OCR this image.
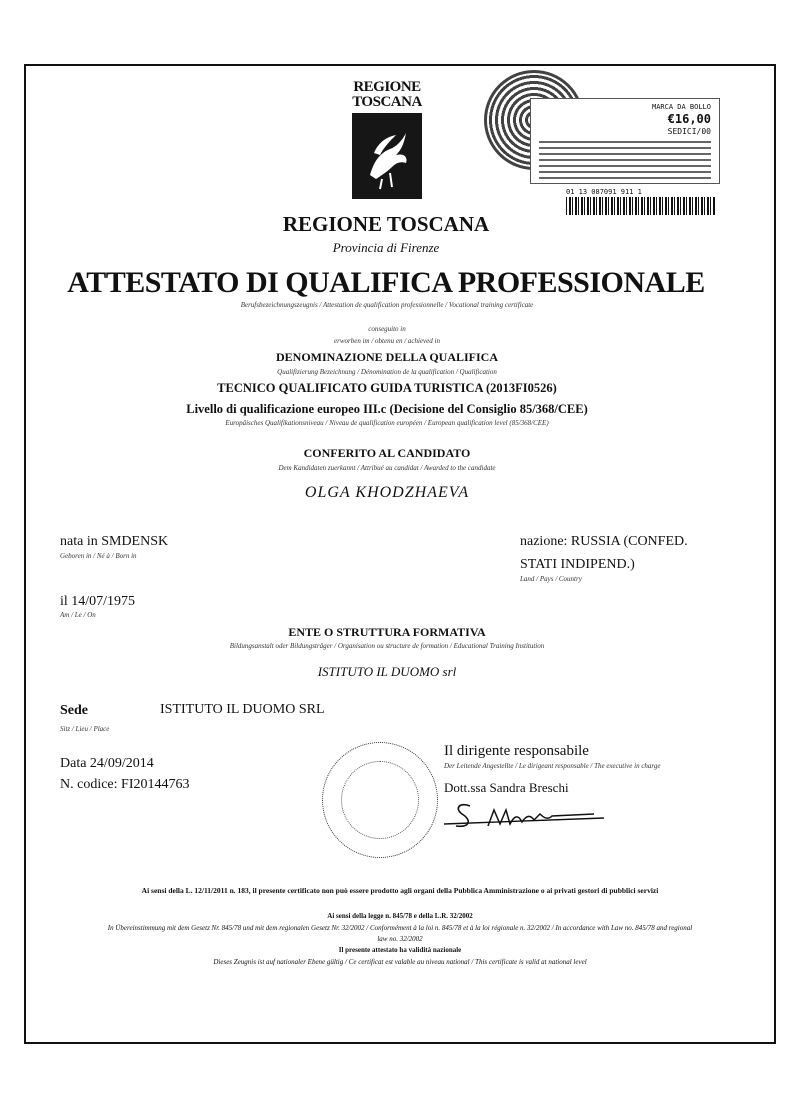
REGIONE
TOSCANA	MARCA DA BOLLO
€16,00
SEDICI/00
01 13 087091 911 1
REGIONE TOSCANA
Provincia di Firenze
ATTESTATO DI QUALIFICA PROFESSIONALE
Berufsbezeichnungszeugnis / Attestation de qualification professionnelle / Vocational training certificate
conseguito in
erworben im / obtenu en / achieved in
DENOMINAZIONE DELLA QUALIFICA
Qualifizierung Bezeichnung / Dénomination de la qualification / Qualification
TECNICO QUALIFICATO GUIDA TURISTICA (2013FI0526)
Livello di qualificazione europeo III.c (Decisione del Consiglio 85/368/CEE)
Europäisches Qualifikationsniveau / Niveau de qualification européen / European qualification level (85/368/CEE)
CONFERITO AL CANDIDATO
Dem Kandidaten zuerkannt / Attribué au candidat / Awarded to the candidate
OLGA KHODZHAEVA
nata in SMDENSK
Geboren in / Né à / Born in
nazione: RUSSIA (CONFED.
STATI INDIPEND.)
Land / Pays / Country
il 14/07/1975
Am / Le / On
ENTE O STRUTTURA FORMATIVA
Bildungsanstalt oder Bildungsträger / Organisation ou structure de formation / Educational Training Institution
ISTITUTO IL DUOMO srl
Sede
Sitz / Lieu / Place
ISTITUTO IL DUOMO SRL
Data 24/09/2014
N. codice: FI20144763
Il dirigente responsabile
Der Leitende Angestellte / Le dirigeant responsable / The executive in charge
Dott.ssa Sandra Breschi
Ai sensi della L. 12/11/2011 n. 183, il presente certificato non può essere prodotto agli organi della Pubblica Amministrazione o ai privati gestori di pubblici servizi
Ai sensi della legge n. 845/78 e della L.R. 32/2002
In Übereinstimmung mit dem Gesetz Nr. 845/78 und mit dem regionalen Gesetz Nr. 32/2002 / Conformément à la loi n. 845/78 et à la loi régionale n. 32/2002 / In accordance with Law no. 845/78 and regional
law no. 32/2002
Il presente attestato ha validità nazionale
Dieses Zeugnis ist auf nationaler Ebene gültig / Ce certificat est valable au niveau national / This certificate is valid at national level
